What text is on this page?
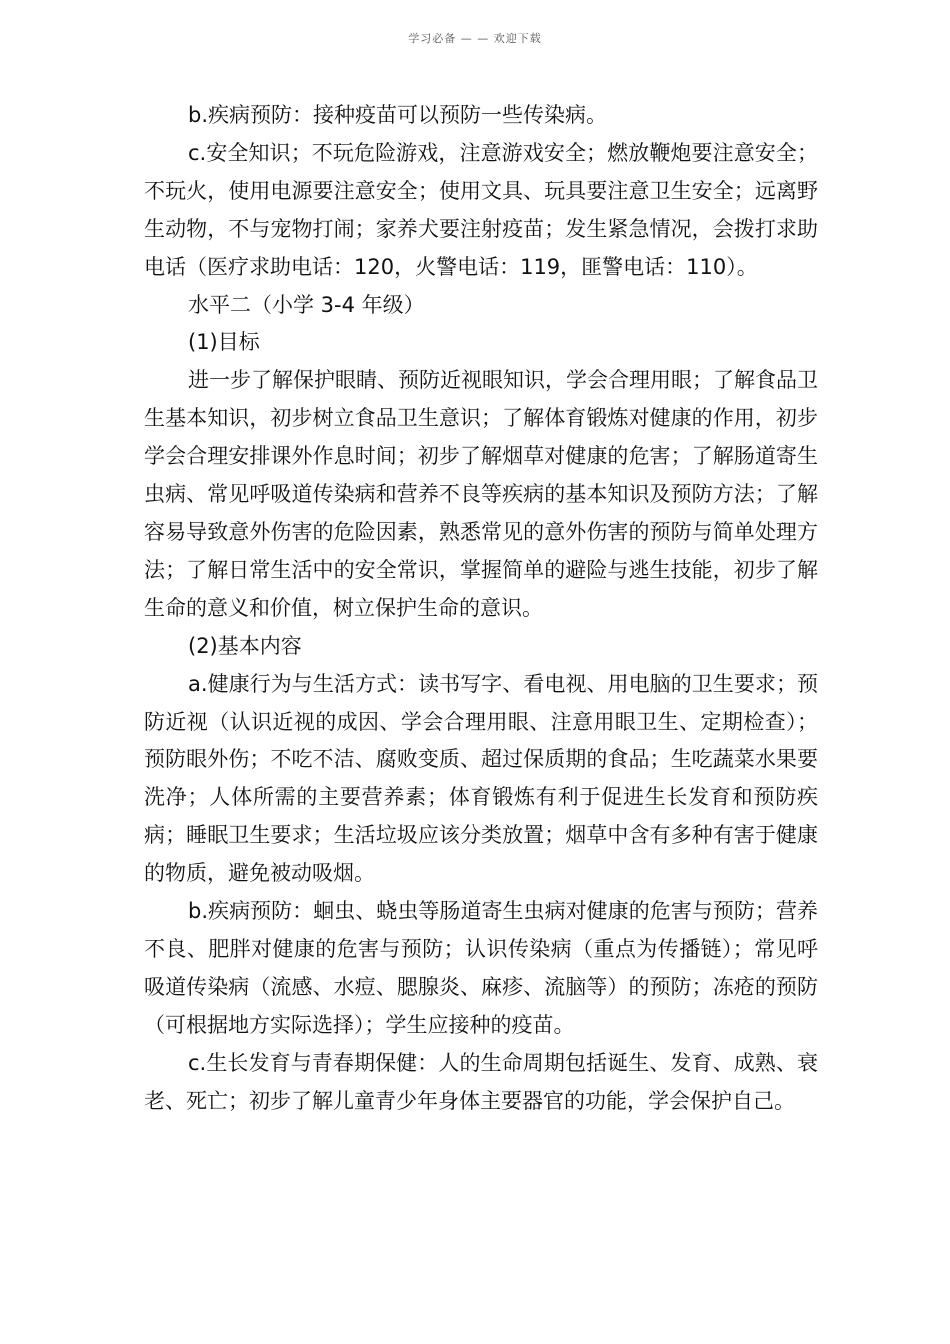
学习必备 — — 欢迎下载

b.疾病预防：接种疫苗可以预防一些传染病。

c.安全知识；不玩危险游戏，注意游戏安全；燃放鞭炮要注意安全；不玩火，使用电源要注意安全；使用文具、玩具要注意卫生安全；远离野生动物，不与宠物打闹；家养犬要注射疫苗；发生紧急情况，会拨打求助电话（医疗求助电话：120，火警电话：119，匪警电话：110）。

水平二（小学 3-4 年级）

(1)目标

进一步了解保护眼睛、预防近视眼知识，学会合理用眼；了解食品卫生基本知识，初步树立食品卫生意识；了解体育锻炼对健康的作用，初步学会合理安排课外作息时间；初步了解烟草对健康的危害；了解肠道寄生虫病、常见呼吸道传染病和营养不良等疾病的基本知识及预防方法；了解容易导致意外伤害的危险因素，熟悉常见的意外伤害的预防与简单处理方法；了解日常生活中的安全常识，掌握简单的避险与逃生技能，初步了解生命的意义和价值，树立保护生命的意识。

(2)基本内容

a.健康行为与生活方式：读书写字、看电视、用电脑的卫生要求；预防近视（认识近视的成因、学会合理用眼、注意用眼卫生、定期检查）；预防眼外伤；不吃不洁、腐败变质、超过保质期的食品；生吃蔬菜水果要洗净；人体所需的主要营养素；体育锻炼有利于促进生长发育和预防疾病；睡眠卫生要求；生活垃圾应该分类放置；烟草中含有多种有害于健康的物质，避免被动吸烟。

b.疾病预防：蛔虫、蛲虫等肠道寄生虫病对健康的危害与预防；营养不良、肥胖对健康的危害与预防；认识传染病（重点为传播链）；常见呼吸道传染病（流感、水痘、腮腺炎、麻疹、流脑等）的预防；冻疮的预防（可根据地方实际选择）；学生应接种的疫苗。

c.生长发育与青春期保健：人的生命周期包括诞生、发育、成熟、衰老、死亡；初步了解儿童青少年身体主要器官的功能，学会保护自己。
